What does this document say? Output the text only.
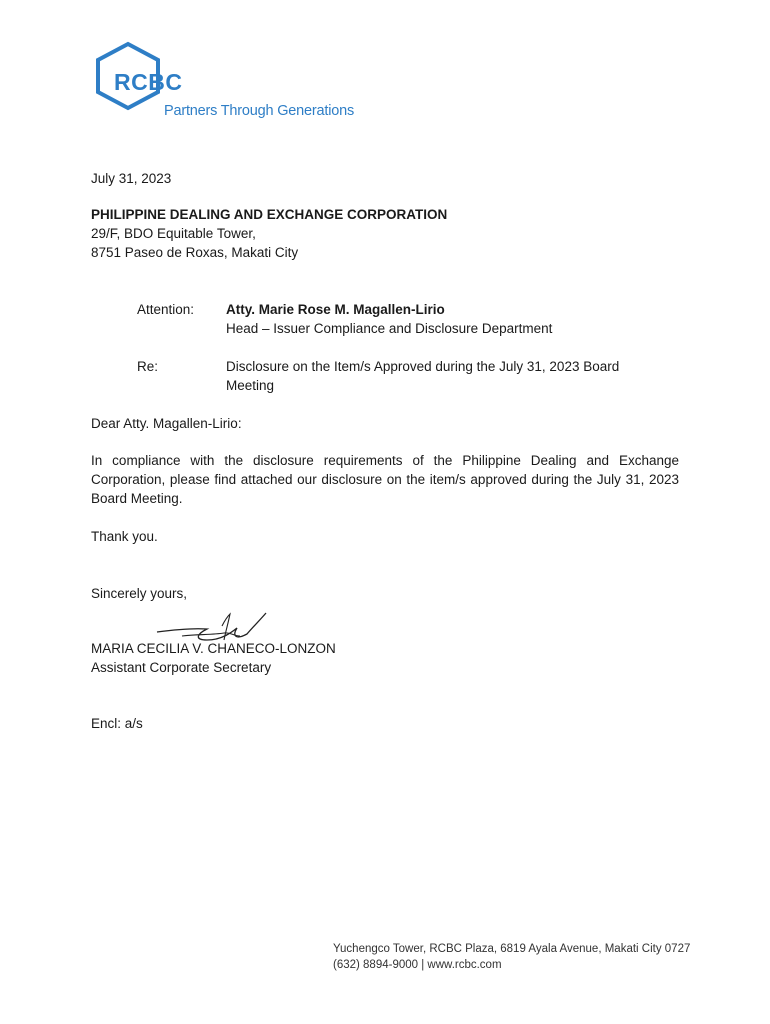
RCBC
Partners Through Generations
July 31, 2023
PHILIPPINE DEALING AND EXCHANGE CORPORATION
29/F, BDO Equitable Tower,
8751 Paseo de Roxas, Makati City
Attention: Atty. Marie Rose M. Magallen-Lirio
Head – Issuer Compliance and Disclosure Department
Re:	Disclosure on the Item/s Approved during the July 31, 2023 Board
Meeting
Dear Atty. Magallen-Lirio:
In compliance with the disclosure requirements of the Philippine Dealing and Exchange Corporation, please find attached our disclosure on the item/s approved during the July 31, 2023 Board Meeting.
Thank you.
Sincerely yours,
MARIA CECILIA V. CHANECO-LONZON
Assistant Corporate Secretary
Encl: a/s
Yuchengco Tower, RCBC Plaza, 6819 Ayala Avenue, Makati City 0727
(632) 8894-9000 | www.rcbc.com
